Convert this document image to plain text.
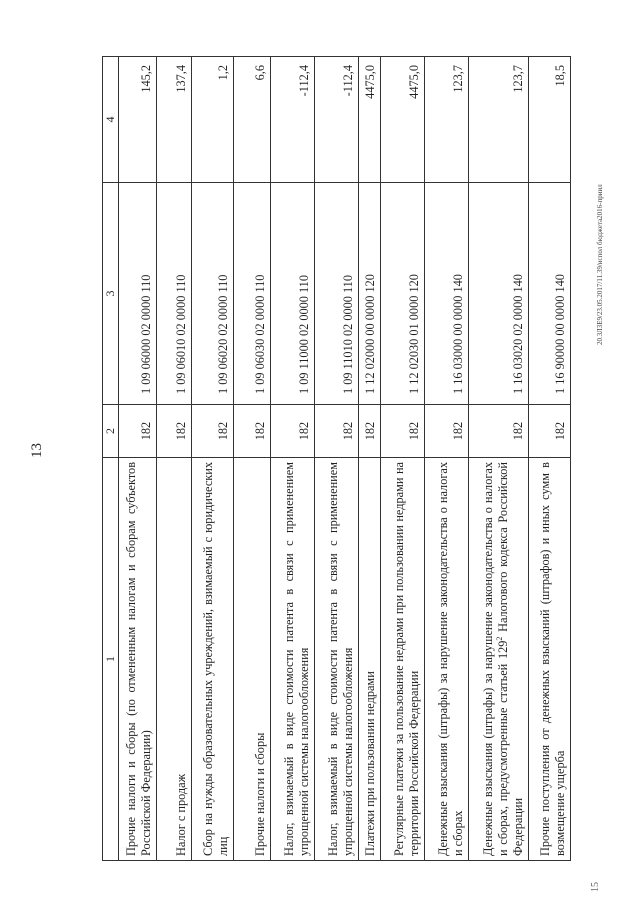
13
20.ЗЛЗЕ9/23.05.2017/11.39/испол бюджета2016-приил
15
1	2	3	4
Прочие налоги и сборы (по отмененным налогам и сборам субъектов Российской Федерации)	182	1 09 06000 02 0000 110	145,2
Налог с продаж	182	1 09 06010 02 0000 110	137,4
Сбор на нужды образовательных учреждений, взимаемый с юридических лиц	182	1 09 06020 02 0000 110	1,2
Прочие налоги и сборы	182	1 09 06030 02 0000 110	6,6
Налог, взимаемый в виде стоимости патента в связи с применением упрощенной системы налогообложения	182	1 09 11000 02 0000 110	-112,4
Налог, взимаемый в виде стоимости патента в связи с применением упрощенной системы налогообложения	182	1 09 11010 02 0000 110	-112,4
Платежи при пользовании недрами	182	1 12 02000 00 0000 120	4475,0
Регулярные платежи за пользование недрами при пользовании недрами на территории Российской Федерации	182	1 12 02030 01 0000 120	4475,0
Денежные взыскания (штрафы) за нарушение законодательства о налогах и сборах	182	1 16 03000 00 0000 140	123,7
Денежные взыскания (штрафы) за нарушение законодательства о налогах и сборах, предусмотренные статьей $129^2$ Налогового кодекса Российской Федерации	182	1 16 03020 02 0000 140	123,7
Прочие поступления от денежных взысканий (штрафов) и иных сумм в возмещение ущерба	182	1 16 90000 00 0000 140	18,5
